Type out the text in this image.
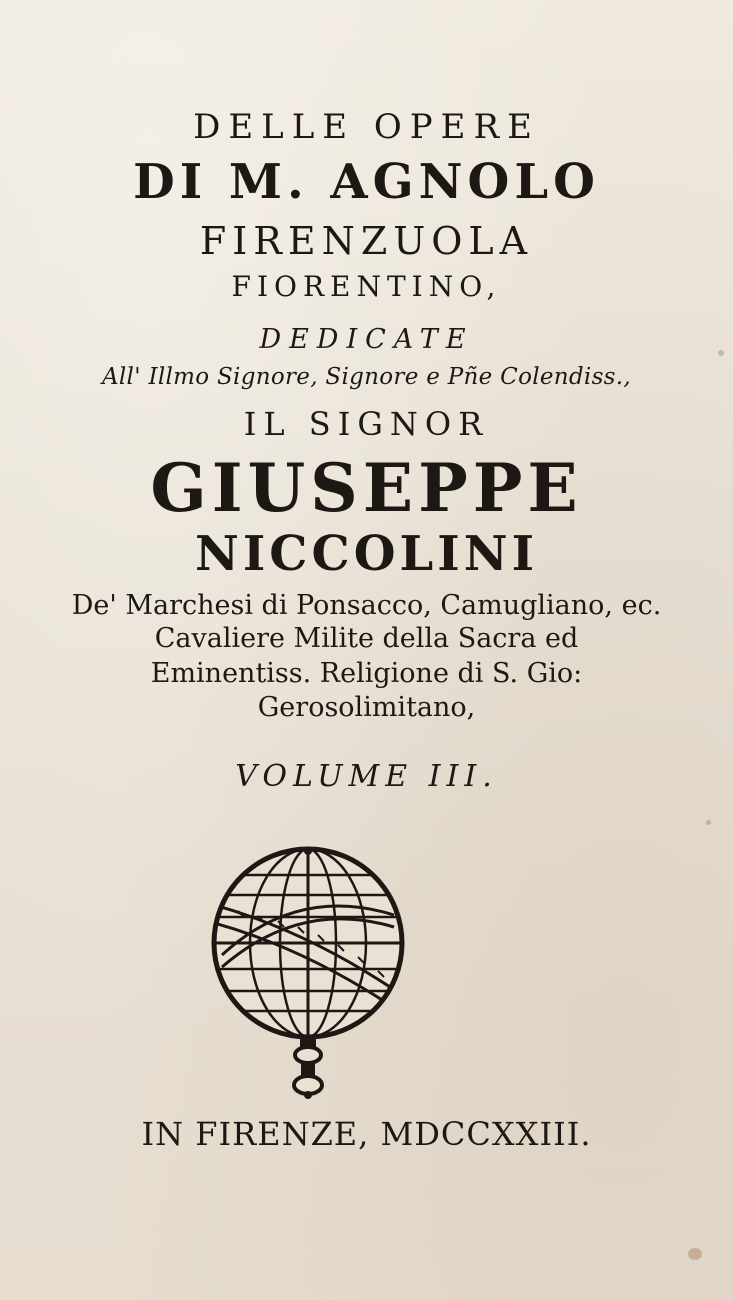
DELLE OPERE
DI M. AGNOLO
FIRENZUOLA
FIORENTINO,
DEDICATE
All' Illmo Signore, Signore e Pñe Colendiss.,
IL SIGNOR
GIUSEPPE
NICCOLINI
De' Marchesi di Ponsacco, Camugliano, ec.
Cavaliere Milite della Sacra ed
Eminentiss. Religione di S. Gio:
Gerosolimitano,
VOLUME III.
IN FIRENZE, MDCCXXIII.
